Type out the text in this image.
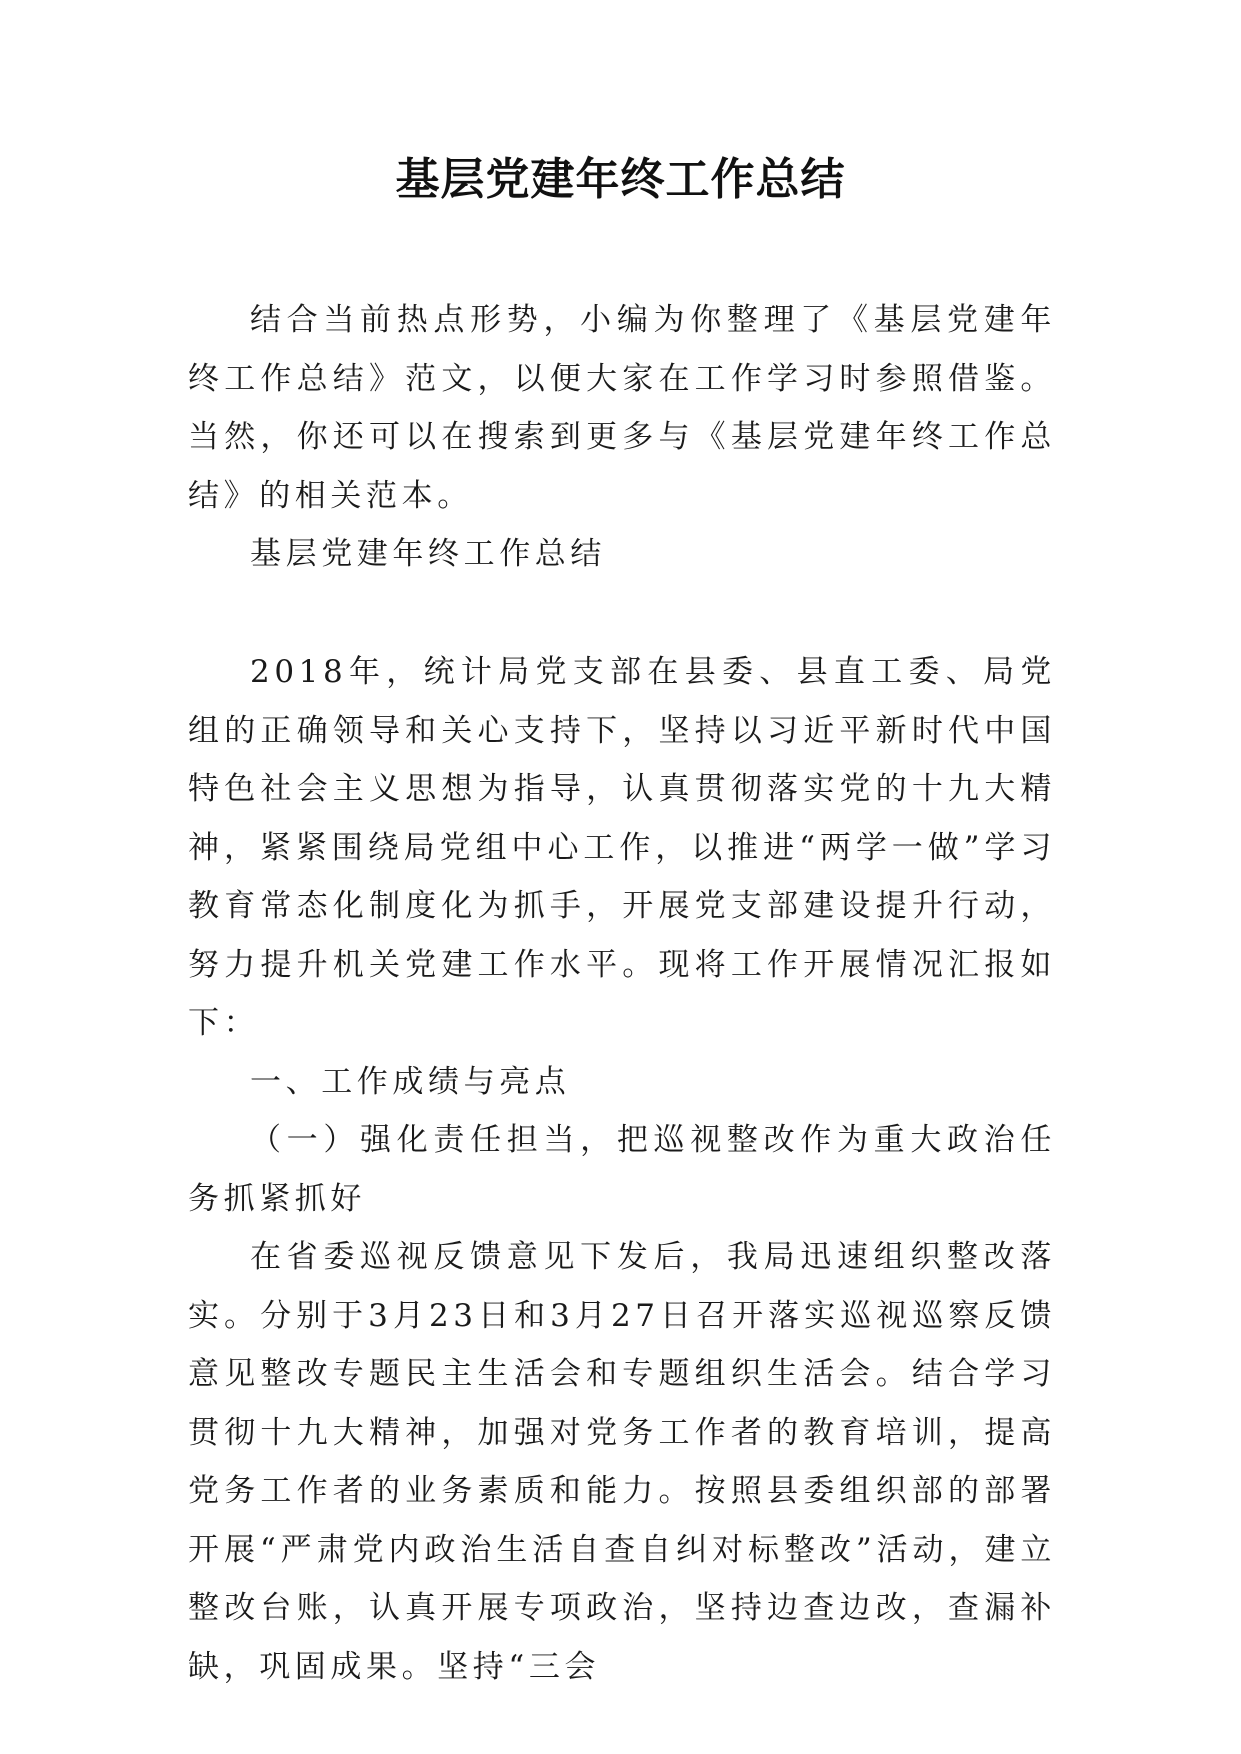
基层党建年终工作总结

结合当前热点形势，小编为你整理了《基层党建年终工作总结》范文，以便大家在工作学习时参照借鉴。当然，你还可以在搜索到更多与《基层党建年终工作总结》的相关范本。

基层党建年终工作总结

2018年，统计局党支部在县委、县直工委、局党组的正确领导和关心支持下，坚持以习近平新时代中国特色社会主义思想为指导，认真贯彻落实党的十九大精神，紧紧围绕局党组中心工作，以推进“两学一做”学习教育常态化制度化为抓手，开展党支部建设提升行动，努力提升机关党建工作水平。现将工作开展情况汇报如下：

一、工作成绩与亮点

（一）强化责任担当，把巡视整改作为重大政治任务抓紧抓好

在省委巡视反馈意见下发后，我局迅速组织整改落实。分别于3月23日和3月27日召开落实巡视巡察反馈意见整改专题民主生活会和专题组织生活会。结合学习贯彻十九大精神，加强对党务工作者的教育培训，提高党务工作者的业务素质和能力。按照县委组织部的部署开展“严肃党内政治生活自查自纠对标整改”活动，建立整改台账，认真开展专项政治，坚持边查边改，查漏补缺，巩固成果。坚持“三会
